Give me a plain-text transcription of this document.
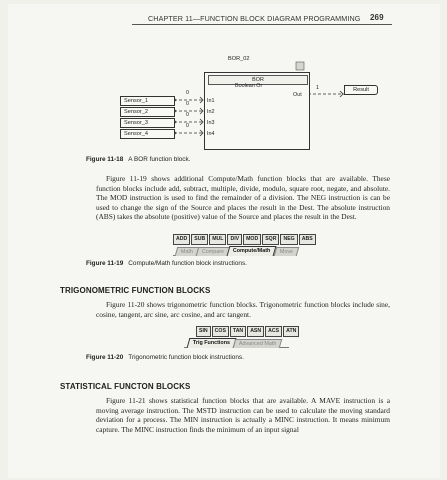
CHAPTER 11—FUNCTION BLOCK DIAGRAM PROGRAMMING 269
BOR_02
Sensor_1
Sensor_2
Sensor_3
Sensor_4
0
0
0
0
BOR
Boolean Or
In1
In2
In3
In4
Out
1	Result
Figure 11-18 A BOR function block.

Figure 11-19 shows additional Compute/Math function blocks that are available. These function blocks include add, subtract, multiple, divide, modulo, square root, negate, and absolute. The MOD instruction is used to find the remainder of a division. The NEG instruction is can be used to change the sign of the Source and places the result in the Dest. The absolute instruction (ABS) takes the absolute (positive) value of the Source and places the result in the Dest.

ADD	SUB	MUL	DIV	MOD	SQR	NEG	ABS
Math	Compare	Compute/Math	Move
Figure 11-19 Compute/Math function block instructions.
TRIGONOMETRIC FUNCTION BLOCKS

Figure 11-20 shows trigonometric function blocks. Trigonometric function blocks include sine, cosine, tangent, arc sine, arc cosine, and arc tangent.

SIN	COS	TAN	ASN	ACS	ATN
Trig Functions	Advanced Math
Figure 11-20 Trigonometric function block instructions.
STATISTICAL FUNCTON BLOCKS

Figure 11-21 shows statistical function blocks that are available. A MAVE instruction is a moving average instruction. The MSTD instruction can be used to calculate the moving standard deviation for a process. The MIN instruction is actually a MINC instruction. It means minimum capture. The MINC instruction finds the minimum of an input signal
